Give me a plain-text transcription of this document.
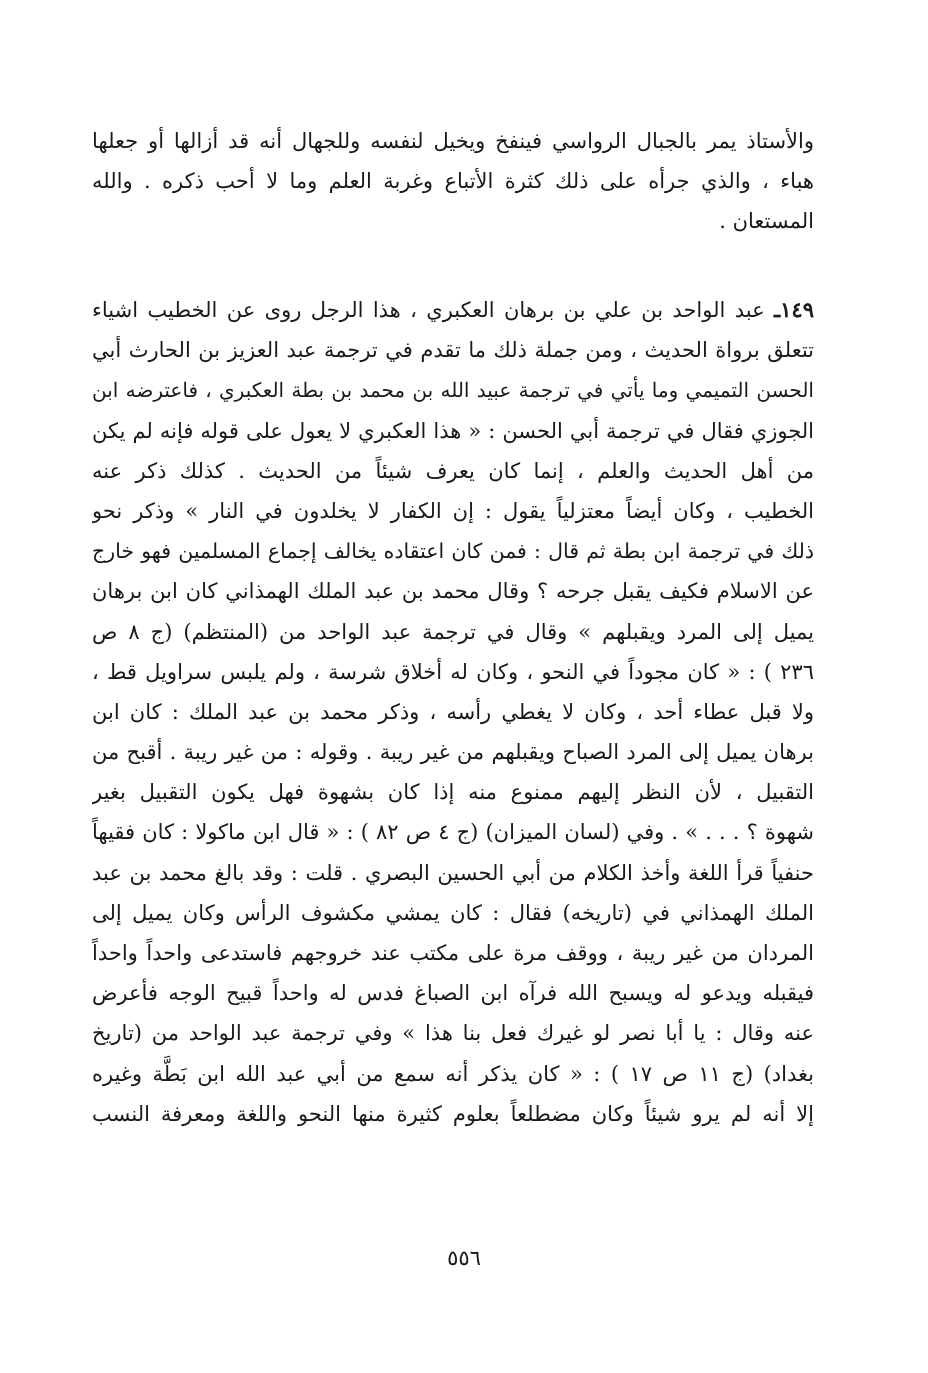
والأستاذ يمر بالجبال الرواسي فينفخ ويخيل لنفسه وللجهال أنه قد أزالها أو جعلها
هباء ، والذي جرأه على ذلك كثرة الأتباع وغربة العلم وما لا أحب ذكره . والله
المستعان .
١٤٩ـ عبد الواحد بن علي بن برهان العكبري ، هذا الرجل روى عن الخطيب اشياء
تتعلق برواة الحديث ، ومن جملة ذلك ما تقدم في ترجمة عبد العزيز بن الحارث أبي
الحسن التميمي وما يأتي في ترجمة عبيد الله بن محمد بن بطة العكبري ، فاعترضه ابن
الجوزي فقال في ترجمة أبي الحسن : « هذا العكبري لا يعول على قوله فإنه لم يكن
من أهل الحديث والعلم ، إنما كان يعرف شيئاً من الحديث . كذلك ذكر عنه
الخطيب ، وكان أيضاً معتزلياً يقول : إن الكفار لا يخلدون في النار » وذكر نحو
ذلك في ترجمة ابن بطة ثم قال : فمن كان اعتقاده يخالف إجماع المسلمين فهو خارج
عن الاسلام فكيف يقبل جرحه ؟ وقال محمد بن عبد الملك الهمذاني كان ابن برهان
يميل إلى المرد ويقبلهم » وقال في ترجمة عبد الواحد من (المنتظم) (ج ٨ ص
٢٣٦ ) : « كان مجوداً في النحو ، وكان له أخلاق شرسة ، ولم يلبس سراويل قط ،
ولا قبل عطاء أحد ، وكان لا يغطي رأسه ، وذكر محمد بن عبد الملك : كان ابن
برهان يميل إلى المرد الصباح ويقبلهم من غير ريبة . وقوله : من غير ريبة . أقبح من
التقبيل ، لأن النظر إليهم ممنوع منه إذا كان بشهوة فهل يكون التقبيل بغير
شهوة ؟ . . . » . وفي (لسان الميزان) (ج ٤ ص ٨٢ ) : « قال ابن ماكولا : كان فقيهاً
حنفياً قرأ اللغة وأخذ الكلام من أبي الحسين البصري . قلت : وقد بالغ محمد بن عبد
الملك الهمذاني في (تاريخه) فقال : كان يمشي مكشوف الرأس وكان يميل إلى
المردان من غير ريبة ، ووقف مرة على مكتب عند خروجهم فاستدعى واحداً واحداً
فيقبله ويدعو له ويسبح الله فرآه ابن الصباغ فدس له واحداً قبيح الوجه فأعرض
عنه وقال : يا أبا نصر لو غيرك فعل بنا هذا » وفي ترجمة عبد الواحد من (تاريخ
بغداد) (ج ١١ ص ١٧ ) : « كان يذكر أنه سمع من أبي عبد الله ابن بَطَّة وغيره
إلا أنه لم يرو شيئاً وكان مضطلعاً بعلوم كثيرة منها النحو واللغة ومعرفة النسب
٥٥٦
